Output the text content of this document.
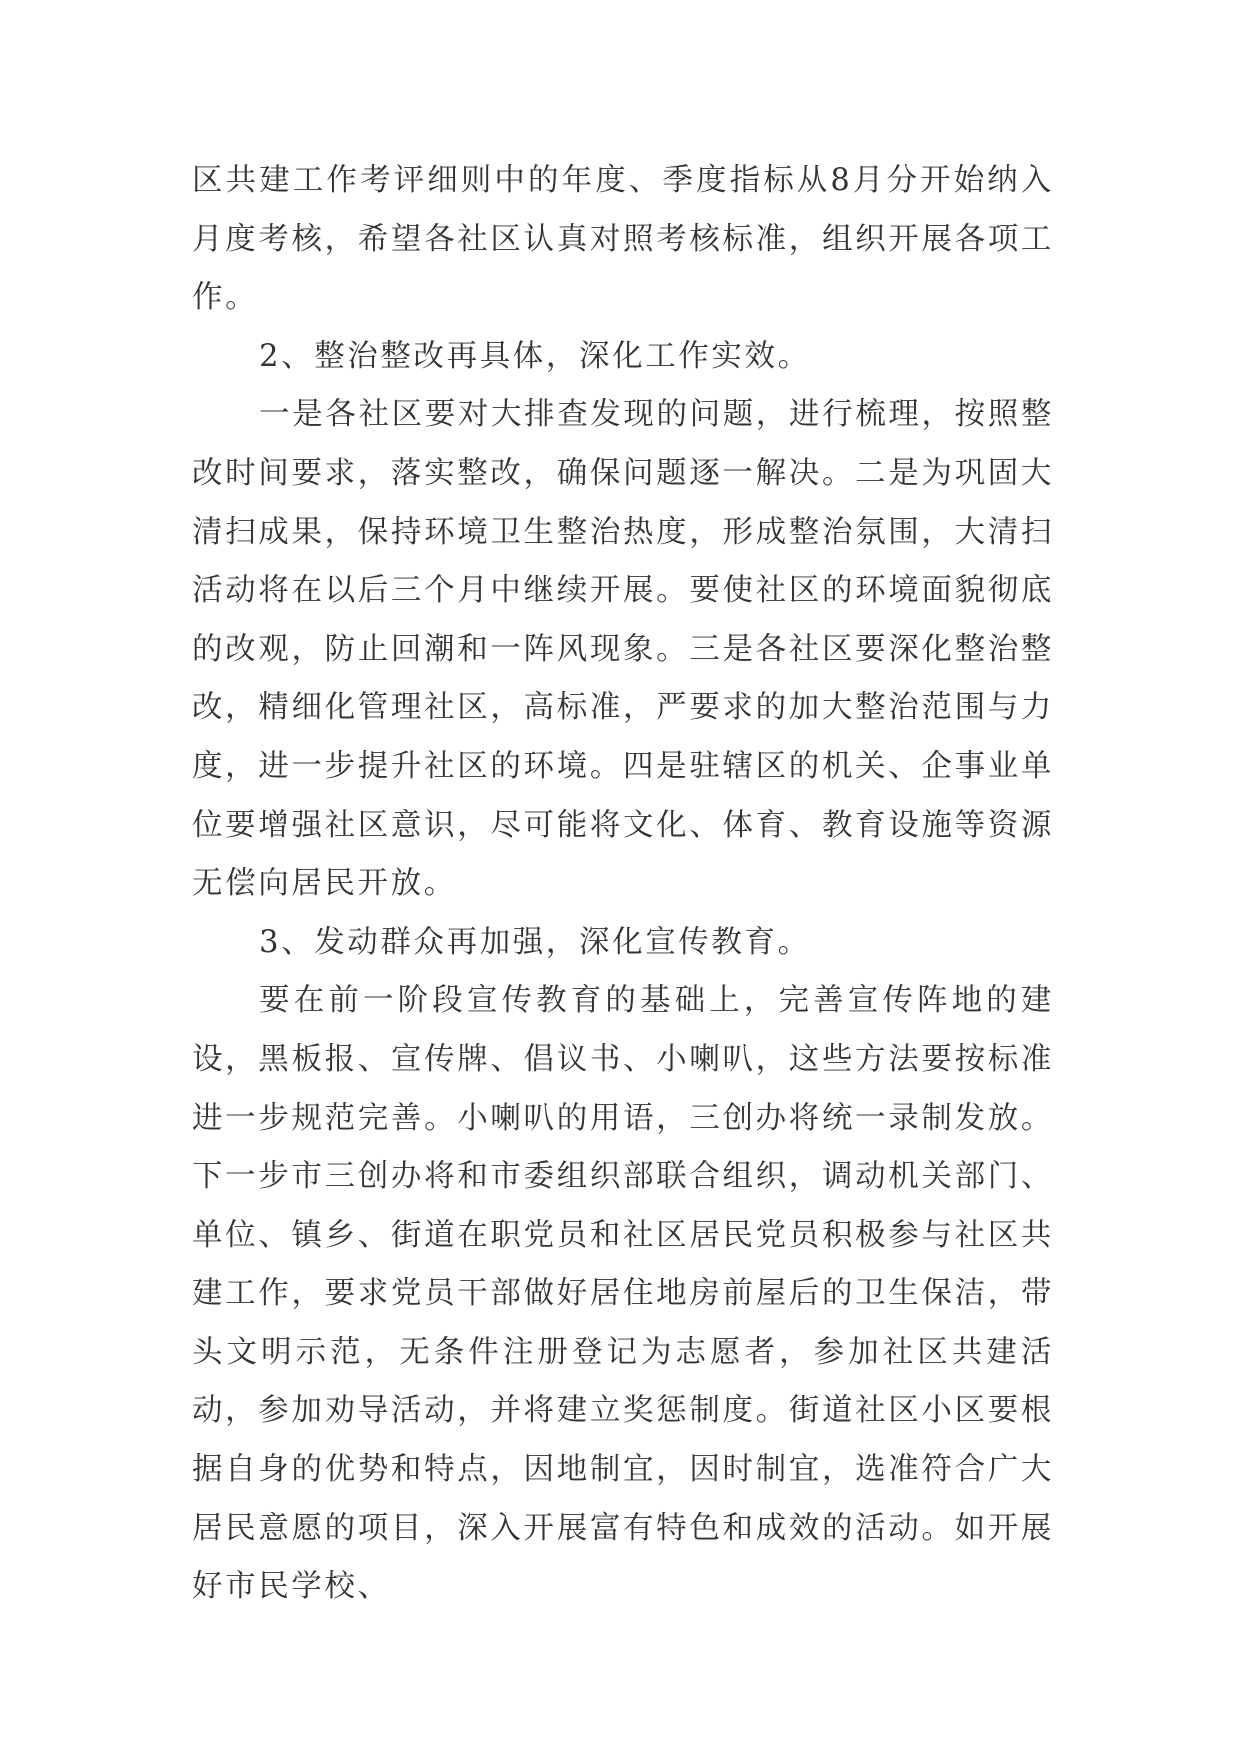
区共建工作考评细则中的年度、季度指标从8月分开始纳入月度考核，希望各社区认真对照考核标准，组织开展各项工作。

2、整治整改再具体，深化工作实效。

一是各社区要对大排查发现的问题，进行梳理，按照整改时间要求，落实整改，确保问题逐一解决。二是为巩固大清扫成果，保持环境卫生整治热度，形成整治氛围，大清扫活动将在以后三个月中继续开展。要使社区的环境面貌彻底的改观，防止回潮和一阵风现象。三是各社区要深化整治整改，精细化管理社区，高标准，严要求的加大整治范围与力度，进一步提升社区的环境。四是驻辖区的机关、企事业单位要增强社区意识，尽可能将文化、体育、教育设施等资源无偿向居民开放。

3、发动群众再加强，深化宣传教育。

要在前一阶段宣传教育的基础上，完善宣传阵地的建设，黑板报、宣传牌、倡议书、小喇叭，这些方法要按标准进一步规范完善。小喇叭的用语，三创办将统一录制发放。下一步市三创办将和市委组织部联合组织，调动机关部门、单位、镇乡、街道在职党员和社区居民党员积极参与社区共建工作，要求党员干部做好居住地房前屋后的卫生保洁，带头文明示范，无条件注册登记为志愿者，参加社区共建活动，参加劝导活动，并将建立奖惩制度。街道社区小区要根据自身的优势和特点，因地制宜，因时制宜，选准符合广大居民意愿的项目，深入开展富有特色和成效的活动。如开展好市民学校、
